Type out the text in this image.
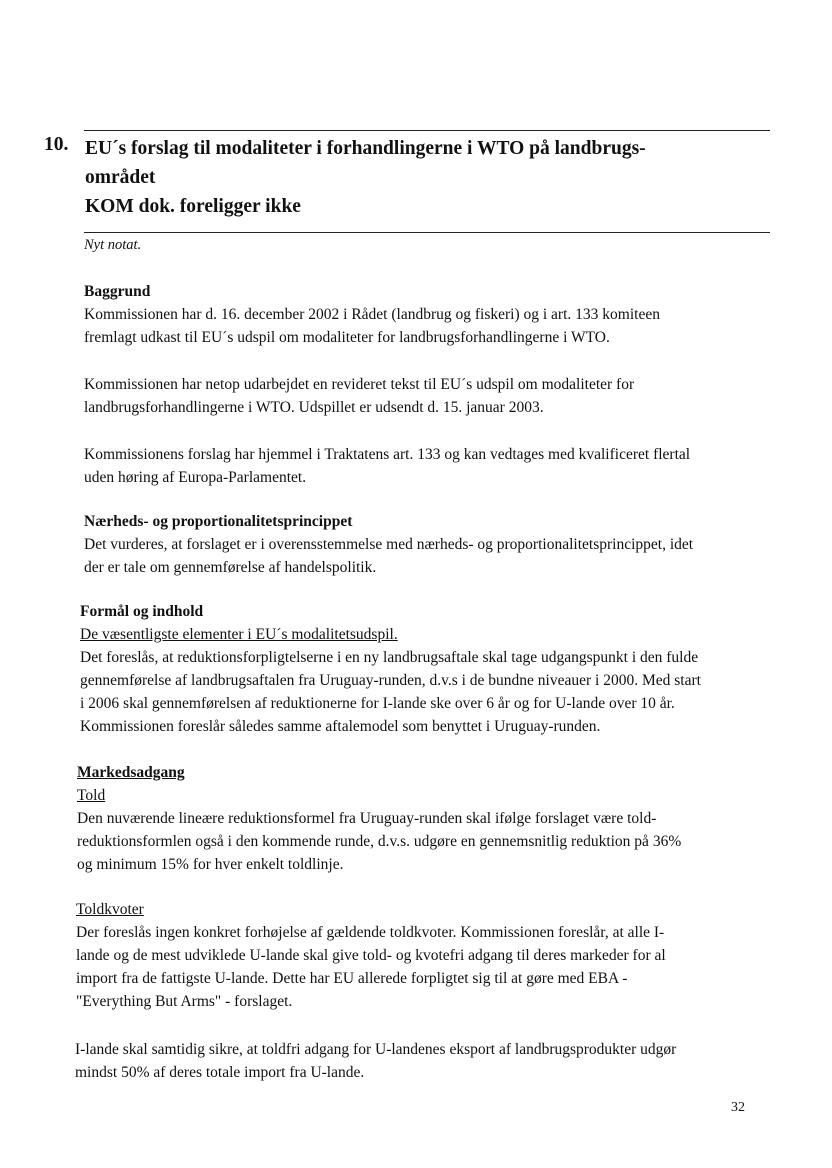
10. EU´s forslag til modaliteter i forhandlingerne i WTO på landbrugs-
området
KOM dok. foreligger ikke
Nyt notat.

Baggrund

Kommissionen har d. 16. december 2002 i Rådet (landbrug og fiskeri) og i art. 133 komiteen

fremlagt udkast til EU´s udspil om modaliteter for landbrugsforhandlingerne i WTO.

Kommissionen har netop udarbejdet en revideret tekst til EU´s udspil om modaliteter for

landbrugsforhandlingerne i WTO. Udspillet er udsendt d. 15. januar 2003.

Kommissionens forslag har hjemmel i Traktatens art. 133 og kan vedtages med kvalificeret flertal

uden høring af Europa-Parlamentet.

Nærheds- og proportionalitetsprincippet

Det vurderes, at forslaget er i overensstemmelse med nærheds- og proportionalitetsprincippet, idet

der er tale om gennemførelse af handelspolitik.

Formål og indhold

De væsentligste elementer i EU´s modalitetsudspil.

Det foreslås, at reduktionsforpligtelserne i en ny landbrugsaftale skal tage udgangspunkt i den fulde

gennemførelse af landbrugsaftalen fra Uruguay-runden, d.v.s i de bundne niveauer i 2000. Med start

i 2006 skal gennemførelsen af reduktionerne for I-lande ske over 6 år og for U-lande over 10 år.

Kommissionen foreslår således samme aftalemodel som benyttet i Uruguay-runden.

Markedsadgang

Told

Den nuværende lineære reduktionsformel fra Uruguay-runden skal ifølge forslaget være told-

reduktionsformlen også i den kommende runde, d.v.s. udgøre en gennemsnitlig reduktion på 36%

og minimum 15% for hver enkelt toldlinje.

Toldkvoter

Der foreslås ingen konkret forhøjelse af gældende toldkvoter. Kommissionen foreslår, at alle I-

lande og de mest udviklede U-lande skal give told- og kvotefri adgang til deres markeder for al

import fra de fattigste U-lande. Dette har EU allerede forpligtet sig til at gøre med EBA -

"Everything But Arms" - forslaget.

I-lande skal samtidig sikre, at toldfri adgang for U-landenes eksport af landbrugsprodukter udgør

mindst 50% af deres totale import fra U-lande.

32
